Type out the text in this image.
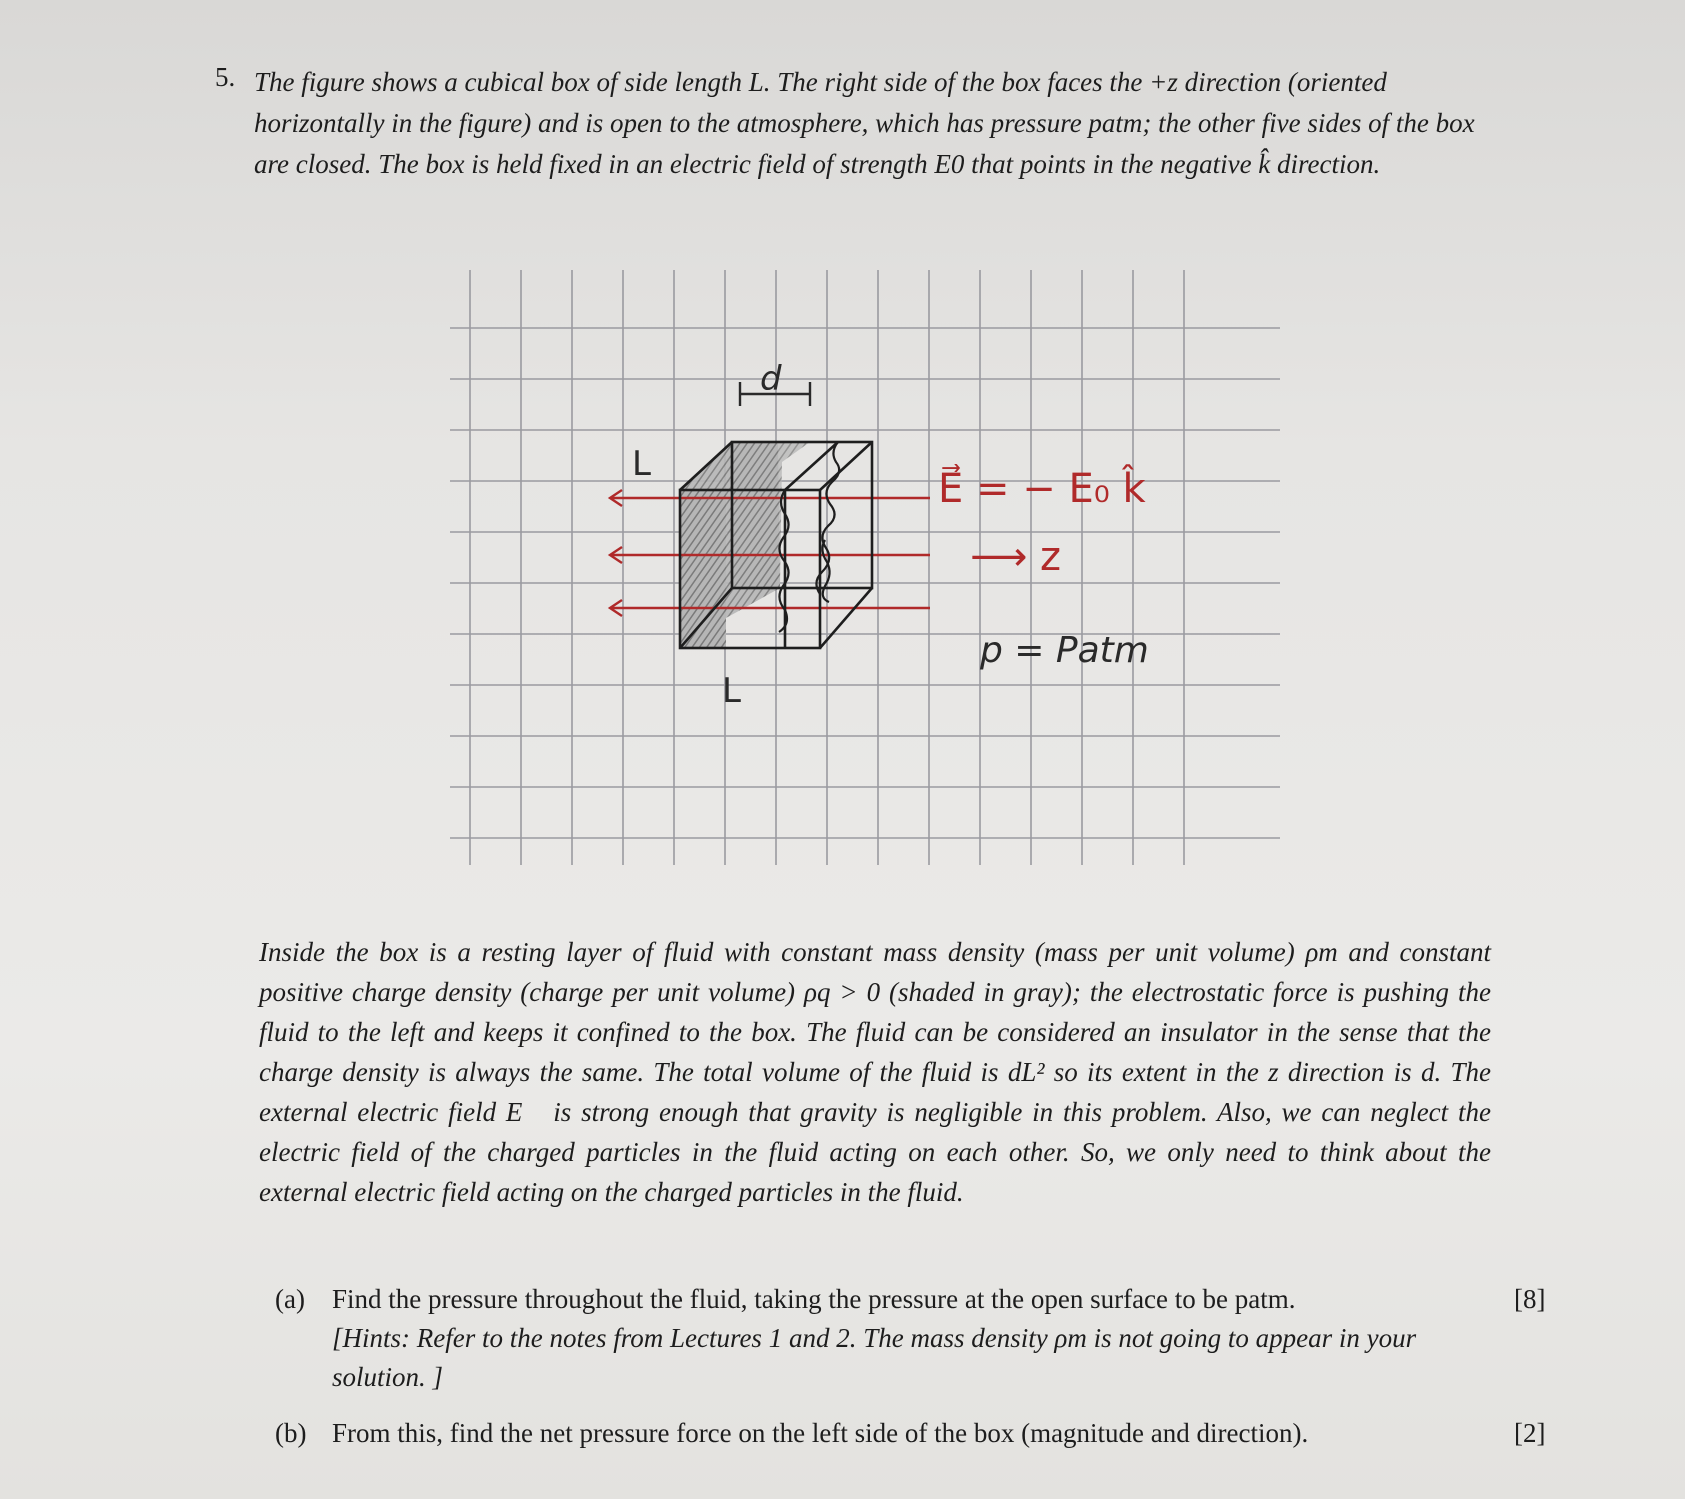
5. The figure shows a cubical box of side length L. The right side of the box faces the +z direction (oriented horizontally in the figure) and is open to the atmosphere, which has pressure patm; the other five sides of the box are closed. The box is held fixed in an electric field of strength E0 that points in the negative k̂ direction.
d
L
L
E⃗ = − E₀ k̂
⟶ z
p = Patm
Inside the box is a resting layer of fluid with constant mass density (mass per unit volume) ρm and constant positive charge density (charge per unit volume) ρq > 0 (shaded in gray); the electrostatic force is pushing the fluid to the left and keeps it confined to the box. The fluid can be considered an insulator in the sense that the charge density is always the same. The total volume of the fluid is dL² so its extent in the z direction is d. The external electric field E⃗ is strong enough that gravity is negligible in this problem. Also, we can neglect the electric field of the charged particles in the fluid acting on each other. So, we only need to think about the external electric field acting on the charged particles in the fluid.
(a) Find the pressure throughout the fluid, taking the pressure at the open surface to be patm.
[Hints: Refer to the notes from Lectures 1 and 2. The mass density ρm is not going to appear in your solution. ]
[8]
(b) From this, find the net pressure force on the left side of the box (magnitude and direction).	[2]
